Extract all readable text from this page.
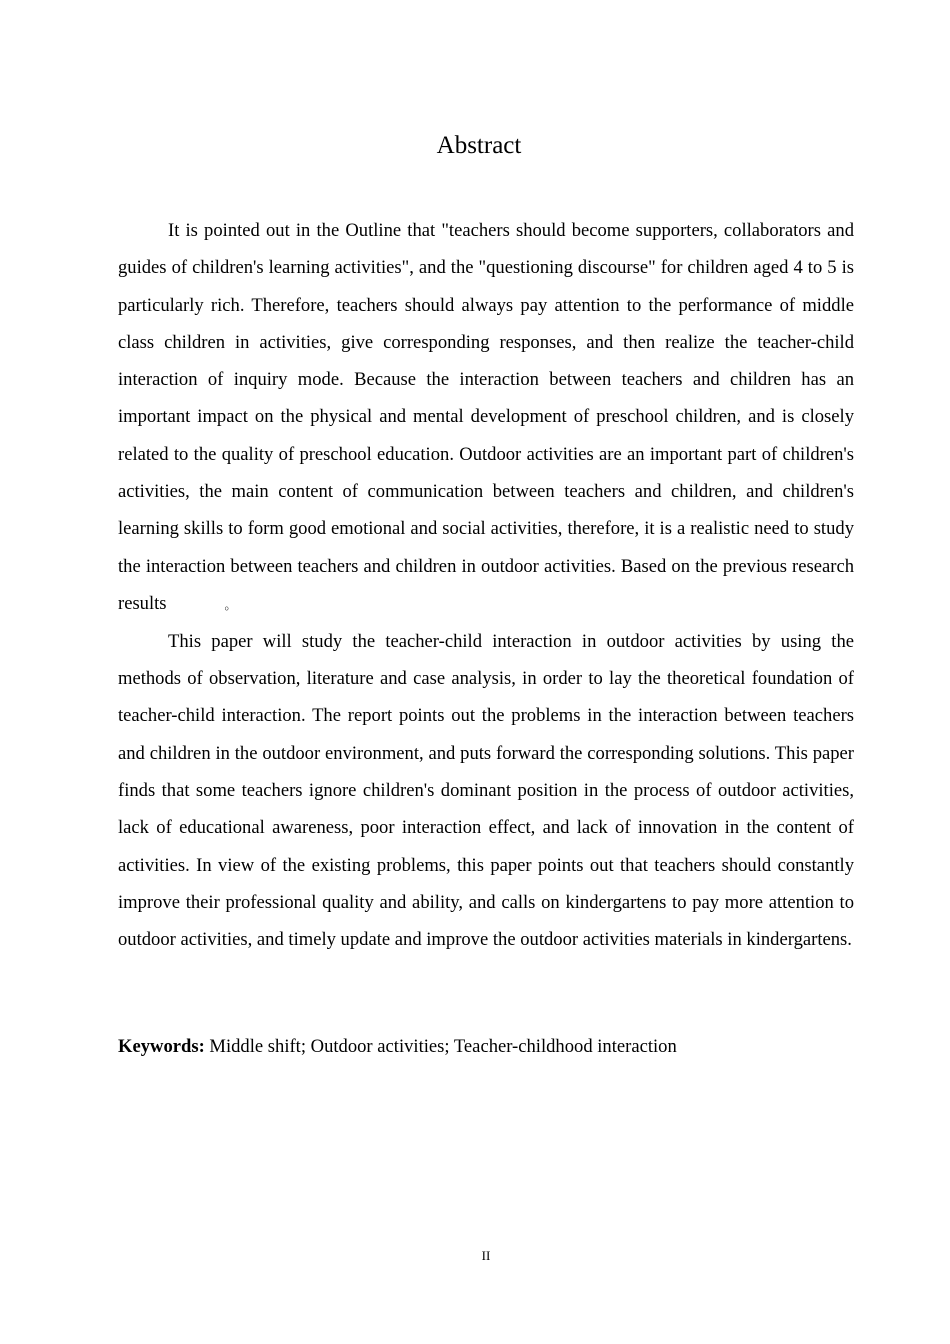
Abstract

It is pointed out in the Outline that "teachers should become supporters, collaborators and guides of children's learning activities", and the "questioning discourse" for children aged 4 to 5 is particularly rich. Therefore, teachers should always pay attention to the performance of middle class children in activities, give corresponding responses, and then realize the teacher-child interaction of inquiry mode. Because the interaction between teachers and children has an important impact on the physical and mental development of preschool children, and is closely related to the quality of preschool education. Outdoor activities are an important part of children's activities, the main content of communication between teachers and children, and children's learning skills to form good emotional and social activities, therefore, it is a realistic need to study the interaction between teachers and children in outdoor activities. Based on the previous research results	。

This paper will study the teacher-child interaction in outdoor activities by using the methods of observation, literature and case analysis, in order to lay the theoretical foundation of teacher-child interaction. The report points out the problems in the interaction between teachers and children in the outdoor environment, and puts forward the corresponding solutions. This paper finds that some teachers ignore children's dominant position in the process of outdoor activities, lack of educational awareness, poor interaction effect, and lack of innovation in the content of activities. In view of the existing problems, this paper points out that teachers should constantly improve their professional quality and ability, and calls on kindergartens to pay more attention to outdoor activities, and timely update and improve the outdoor activities materials in kindergartens.

Keywords: Middle shift; Outdoor activities; Teacher-childhood interaction

II
